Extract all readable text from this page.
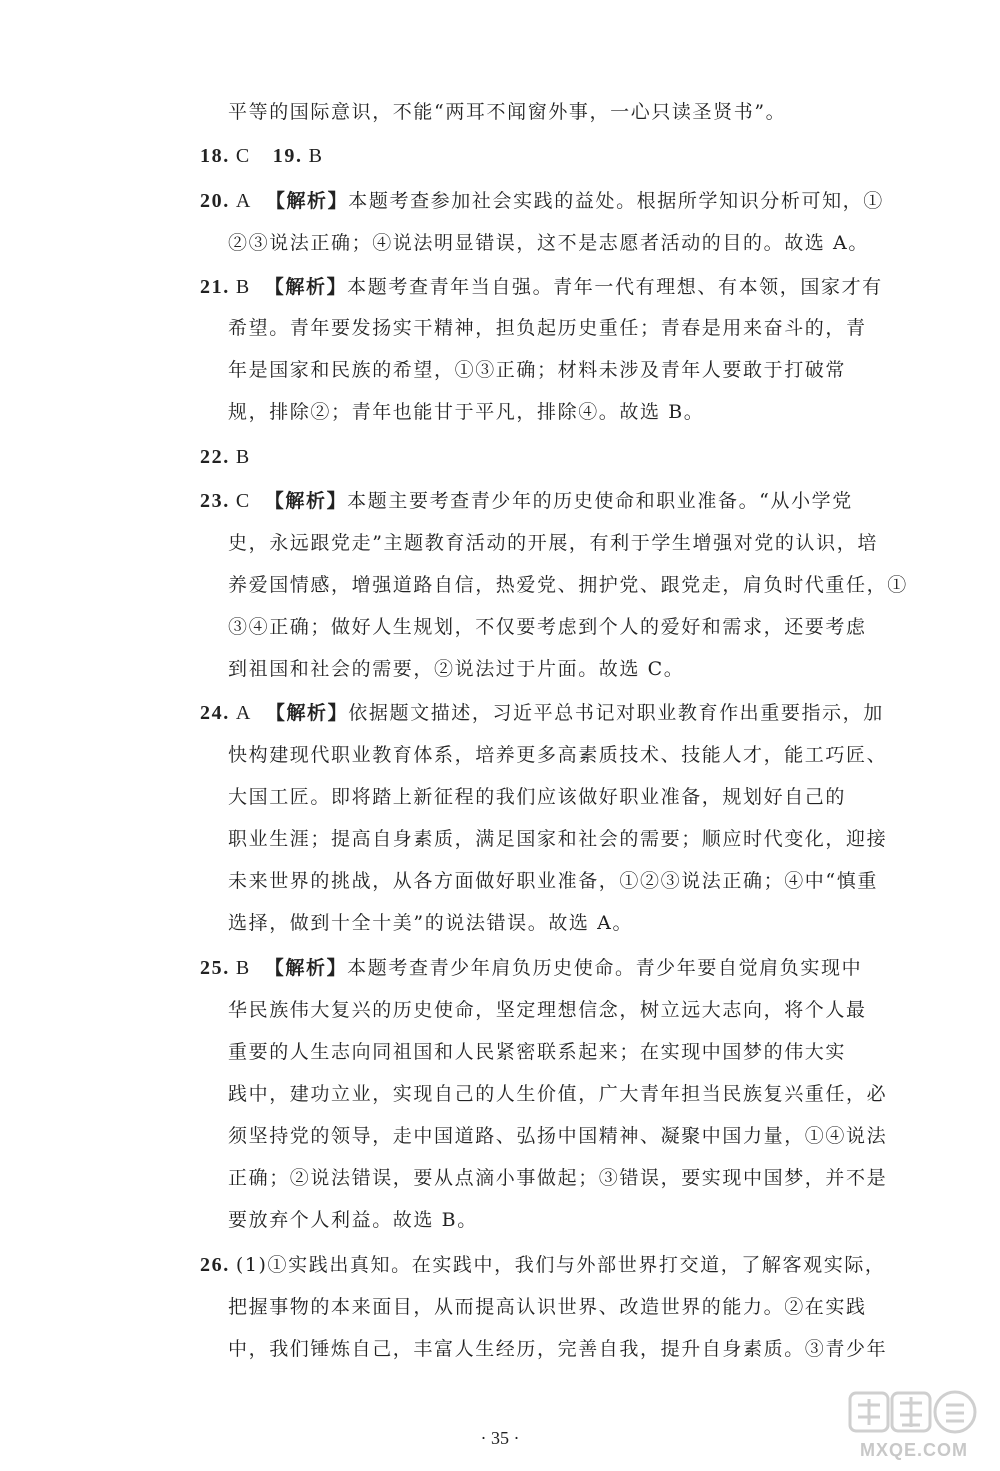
平等的国际意识，不能“两耳不闻窗外事，一心只读圣贤书”。
18. C 19. B
20. A 【解析】本题考查参加社会实践的益处。根据所学知识分析可知，①
②③说法正确；④说法明显错误，这不是志愿者活动的目的。故选 A。
21. B 【解析】本题考查青年当自强。青年一代有理想、有本领，国家才有
希望。青年要发扬实干精神，担负起历史重任；青春是用来奋斗的，青
年是国家和民族的希望，①③正确；材料未涉及青年人要敢于打破常
规，排除②；青年也能甘于平凡，排除④。故选 B。
22. B
23. C 【解析】本题主要考查青少年的历史使命和职业准备。“从小学党
史，永远跟党走”主题教育活动的开展，有利于学生增强对党的认识，培
养爱国情感，增强道路自信，热爱党、拥护党、跟党走，肩负时代重任，①
③④正确；做好人生规划，不仅要考虑到个人的爱好和需求，还要考虑
到祖国和社会的需要，②说法过于片面。故选 C。
24. A 【解析】依据题文描述，习近平总书记对职业教育作出重要指示，加
快构建现代职业教育体系，培养更多高素质技术、技能人才，能工巧匠、
大国工匠。即将踏上新征程的我们应该做好职业准备，规划好自己的
职业生涯；提高自身素质，满足国家和社会的需要；顺应时代变化，迎接
未来世界的挑战，从各方面做好职业准备，①②③说法正确；④中“慎重
选择，做到十全十美”的说法错误。故选 A。
25. B 【解析】本题考查青少年肩负历史使命。青少年要自觉肩负实现中
华民族伟大复兴的历史使命，坚定理想信念，树立远大志向，将个人最
重要的人生志向同祖国和人民紧密联系起来；在实现中国梦的伟大实
践中，建功立业，实现自己的人生价值，广大青年担当民族复兴重任，必
须坚持党的领导，走中国道路、弘扬中国精神、凝聚中国力量，①④说法
正确；②说法错误，要从点滴小事做起；③错误，要实现中国梦，并不是
要放弃个人利益。故选 B。
26. (1)①实践出真知。在实践中，我们与外部世界打交道，了解客观实际，
把握事物的本来面目，从而提高认识世界、改造世界的能力。②在实践
中，我们锤炼自己，丰富人生经历，完善自我，提升自身素质。③青少年
· 35 ·
MXQE.COM
